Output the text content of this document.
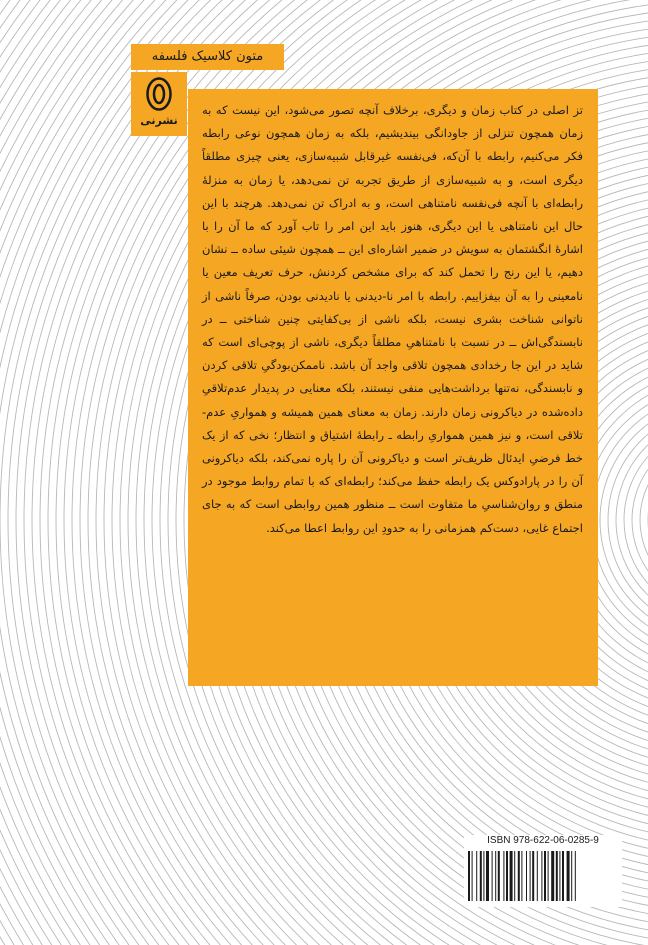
متون کلاسیک فلسفه
نشرنی

تز اصلی در کتاب زمان و دیگری، برخلاف آنچه تصور می‌شود، این نیست که به زمان همچون تنزلی از جاودانگی بیندیشیم، بلکه به زمان همچون نوعی رابطه فکر می‌کنیم، رابطه با آن‌که، فی‌نفسه غیرقابل شبیه‌سازی، یعنی چیزی مطلقاً دیگری است، و به شبیه‌سازی از طریق تجربه تن نمی‌دهد، یا زمان به منزلهٔ رابطه‌ای با آنچه فی‌نفسه نامتناهی است، و به ادراک تن نمی‌دهد. هرچند با این حال این نامتناهی یا این دیگری، هنوز باید این امر را تاب آورد که ما آن را با اشارهٔ انگشتمان به سویش در ضمیر اشاره‌ای این ــ همچون شیئی ساده ــ نشان دهیم، یا این رنج را تحمل کند که برای مشخص کردنش، حرف تعریف معین یا نامعینی را به آن بیفزاییم. رابطه با امر نا-دیدنی یا نادیدنی بودن، صرفاً ناشی از ناتوانی شناخت بشری نیست، بلکه ناشی از بی‌کفایتی چنین شناختی ــ در نابسندگی‌اش ــ در نسبت با نامتناهیِ مطلقاً دیگری، ناشی از پوچی‌ای است که شاید در این جا رخدادی همچون تلاقی واجد آن باشد. ناممکن‌بودگیِ تلاقی کردن و نابسندگی، نه‌تنها برداشت‌هایی منفی نیستند، بلکه معنایی در پدیدار عدم‌تلاقیِ داده‌شده در دیاکرونی زمان دارند. زمان به معنای همین همیشه و همواریِ عدم-تلاقی است، و نیز همین همواریِ رابطه ـ رابطهٔ اشتیاق و انتظار؛ نخی که از یک خط فرضیِ ایدئال ظریف‌تر است و دیاکرونی آن را پاره نمی‌کند، بلکه دیاکرونی آن را در پارادوکس یک رابطه حفظ می‌کند؛ رابطه‌ای که با تمام روابط موجود در منطق و روان‌شناسیِ ما متفاوت است ــ منظور همین روابطی است که به جای اجتماع غایی، دست‌کم همزمانی را به حدودِ این روابط اعطا می‌کند.

ISBN 978-622-06-0285-9
